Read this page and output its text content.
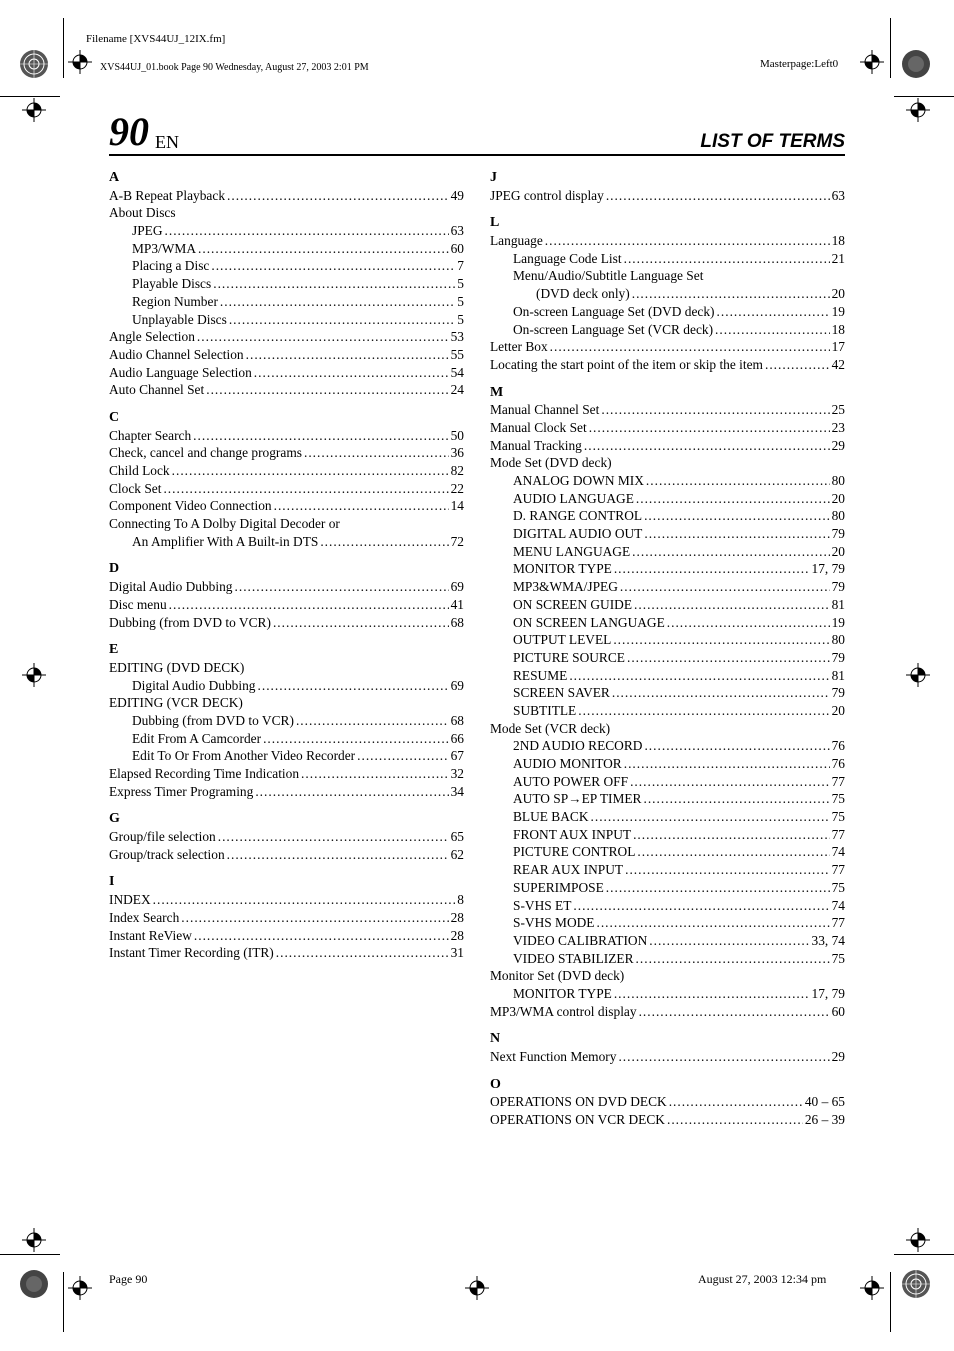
Filename [XVS44UJ_12IX.fm]
XVS44UJ_01.book Page 90 Wednesday, August 27, 2003 2:01 PM	Masterpage:Left0
90 EN	LIST OF TERMS
A
A-B Repeat Playback .....	49
About Discs
JPEG .....	63
MP3/WMA .....	60
Placing a Disc .....	7
Playable Discs .....	5
Region Number .....	5
Unplayable Discs .....	5
Angle Selection .....	53
Audio Channel Selection .....	55
Audio Language Selection .....	54
Auto Channel Set .....	24
C
Chapter Search .....	50
Check, cancel and change programs .....	36
Child Lock .....	82
Clock Set .....	22
Component Video Connection .....	14
Connecting To A Dolby Digital Decoder or
An Amplifier With A Built-in DTS .....	72
D
Digital Audio Dubbing .....	69
Disc menu .....	41
Dubbing (from DVD to VCR) .....	68
E
EDITING (DVD DECK)
Digital Audio Dubbing .....	69
EDITING (VCR DECK)
Dubbing (from DVD to VCR) .....	68
Edit From A Camcorder .....	66
Edit To Or From Another Video Recorder .....	67
Elapsed Recording Time Indication .....	32
Express Timer Programing .....	34
G
Group/file selection .....	65
Group/track selection .....	62
I
INDEX .....	8
Index Search .....	28
Instant ReView .....	28
Instant Timer Recording (ITR) .....	31
J
JPEG control display .....	63
L
Language .....	18
Language Code List .....	21
Menu/Audio/Subtitle Language Set
(DVD deck only) .....	20
On-screen Language Set (DVD deck) .....	19
On-screen Language Set (VCR deck) .....	18
Letter Box .....	17
Locating the start point of the item or skip the item .....	42
M
Manual Channel Set .....	25
Manual Clock Set .....	23
Manual Tracking .....	29
Mode Set (DVD deck)
ANALOG DOWN MIX .....	80
AUDIO LANGUAGE .....	20
D. RANGE CONTROL .....	80
DIGITAL AUDIO OUT .....	79
MENU LANGUAGE .....	20
MONITOR TYPE .....	17, 79
MP3&WMA/JPEG .....	79
ON SCREEN GUIDE .....	81
ON SCREEN LANGUAGE .....	19
OUTPUT LEVEL .....	80
PICTURE SOURCE .....	79
RESUME .....	81
SCREEN SAVER .....	79
SUBTITLE .....	20
Mode Set (VCR deck)
2ND AUDIO RECORD .....	76
AUDIO MONITOR .....	76
AUTO POWER OFF .....	77
AUTO SP→EP TIMER .....	75
BLUE BACK .....	75
FRONT AUX INPUT .....	77
PICTURE CONTROL .....	74
REAR AUX INPUT .....	77
SUPERIMPOSE .....	75
S-VHS ET .....	74
S-VHS MODE .....	77
VIDEO CALIBRATION .....	33, 74
VIDEO STABILIZER .....	75
Monitor Set (DVD deck)
MONITOR TYPE .....	17, 79
MP3/WMA control display .....	60
N
Next Function Memory .....	29
O
OPERATIONS ON DVD DECK .....	40 – 65
OPERATIONS ON VCR DECK .....	26 – 39
Page 90	August 27, 2003 12:34 pm
